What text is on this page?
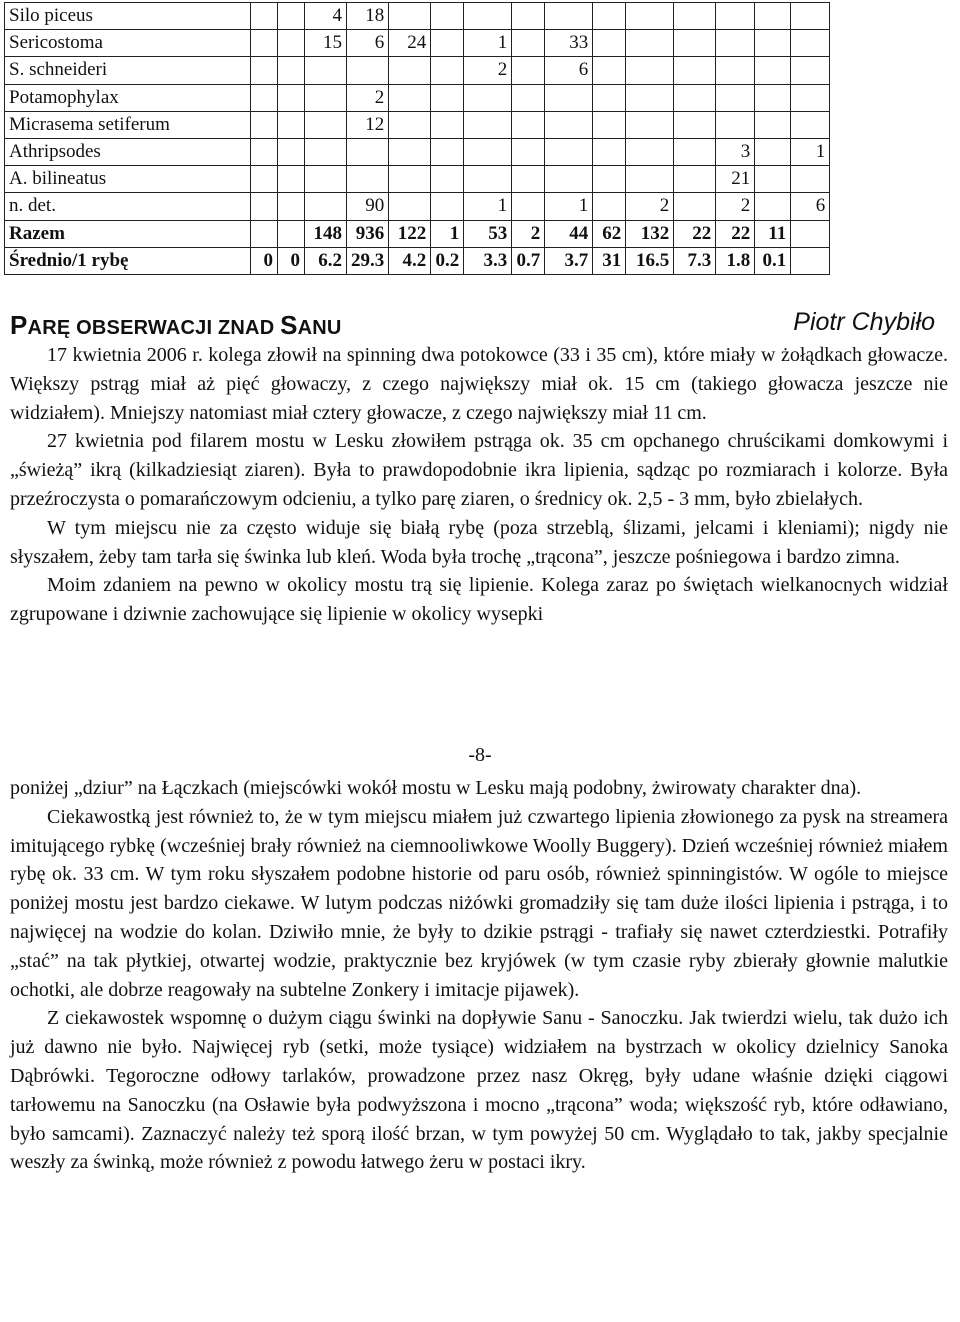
Silo piceus			4	18											
Sericostoma			15	6	24		1		33						
S. schneideri							2		6						
Potamophylax				2											
Micrasema setiferum				12											
Athripsodes													3		1
A. bilineatus													21		
n. det.				90			1		1		2		2		6
Razem			148	936	122	1	53	2	44	62	132	22	22	11	
Średnio/1 rybę	0	0	6.2	29.3	4.2	0.2	3.3	0.7	3.7	31	16.5	7.3	1.8	0.1	
PARĘ OBSERWACJI ZNAD SANU	Piotr Chybiło

17 kwietnia 2006 r. kolega złowił na spinning dwa potokowce (33 i 35 cm), które miały w żołądkach głowacze. Większy pstrąg miał aż pięć głowaczy, z czego największy miał ok. 15 cm (takiego głowacza jeszcze nie widziałem). Mniejszy natomiast miał cztery głowacze, z czego największy miał 11 cm.

27 kwietnia pod filarem mostu w Lesku złowiłem pstrąga ok. 35 cm opchanego chruścikami domkowymi i „świeżą” ikrą (kilkadziesiąt ziaren). Była to prawdopodobnie ikra lipienia, sądząc po rozmiarach i kolorze. Była przeźroczysta o pomarańczowym odcieniu, a tylko parę ziaren, o średnicy ok. 2,5 - 3 mm, było zbielałych.

W tym miejscu nie za często widuje się białą rybę (poza strzeblą, ślizami, jelcami i kleniami); nigdy nie słyszałem, żeby tam tarła się świnka lub kleń. Woda była trochę „trącona”, jeszcze pośniegowa i bardzo zimna.

Moim zdaniem na pewno w okolicy mostu trą się lipienie. Kolega zaraz po świętach wielkanocnych widział zgrupowane i dziwnie zachowujące się lipienie w okolicy wysepki

-8-

poniżej „dziur” na Łączkach (miejscówki wokół mostu w Lesku mają podobny, żwirowaty charakter dna).

Ciekawostką jest również to, że w tym miejscu miałem już czwartego lipienia złowionego za pysk na streamera imitującego rybkę (wcześniej brały również na ciemnooliwkowe Woolly Buggery). Dzień wcześniej również miałem rybę ok. 33 cm. W tym roku słyszałem podobne historie od paru osób, również spinningistów. W ogóle to miejsce poniżej mostu jest bardzo ciekawe. W lutym podczas niżówki gromadziły się tam duże ilości lipienia i pstrąga, i to najwięcej na wodzie do kolan. Dziwiło mnie, że były to dzikie pstrągi - trafiały się nawet czterdziestki. Potrafiły „stać” na tak płytkiej, otwartej wodzie, praktycznie bez kryjówek (w tym czasie ryby zbierały głownie malutkie ochotki, ale dobrze reagowały na subtelne Zonkery i imitacje pijawek).

Z ciekawostek wspomnę o dużym ciągu świnki na dopływie Sanu - Sanoczku. Jak twierdzi wielu, tak dużo ich już dawno nie było. Najwięcej ryb (setki, może tysiące) widziałem na bystrzach w okolicy dzielnicy Sanoka Dąbrówki. Tegoroczne odłowy tarlaków, prowadzone przez nasz Okręg, były udane właśnie dzięki ciągowi tarłowemu na Sanoczku (na Osławie była podwyższona i mocno „trącona” woda; większość ryb, które odławiano, było samcami). Zaznaczyć należy też sporą ilość brzan, w tym powyżej 50 cm. Wyglądało to tak, jakby specjalnie weszły za świnką, może również z powodu łatwego żeru w postaci ikry.
